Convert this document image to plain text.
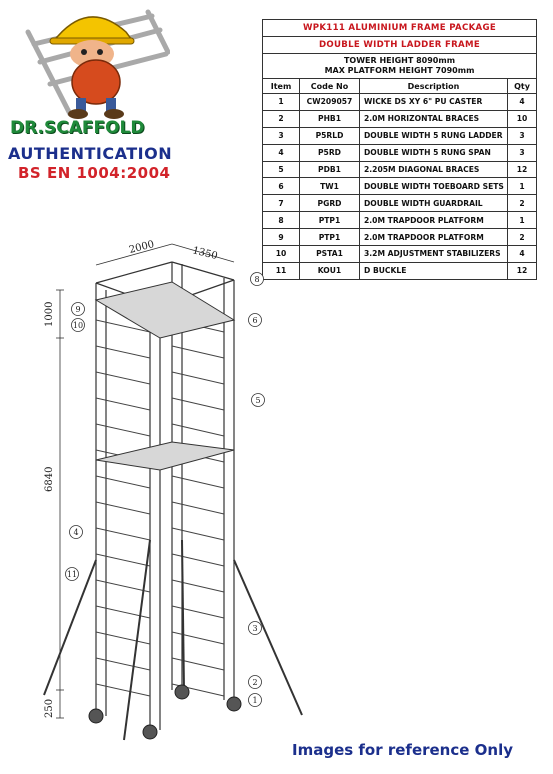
DR.SCAFFOLD
AUTHENTICATION
BS EN 1004:2004
WPK111 ALUMINIUM FRAME PACKAGE			
DOUBLE WIDTH LADDER FRAME			

TOWER HEIGHT 8090mm
MAX PLATFORM HEIGHT 7090mm			

Item	Code No	Description	Qty
1	CW209057	WICKE DS XY 6" PU CASTER	4
2	PHB1	2.0M HORIZONTAL BRACES	10
3	P5RLD	DOUBLE WIDTH 5 RUNG LADDER	3
4	P5RD	DOUBLE WIDTH 5 RUNG SPAN	3
5	PDB1	2.205M DIAGONAL BRACES	12
6	TW1	DOUBLE WIDTH TOEBOARD SETS	1
7	PGRD	DOUBLE WIDTH GUARDRAIL	2
8	PTP1	2.0M TRAPDOOR PLATFORM	1
9	PTP1	2.0M TRAPDOOR PLATFORM	2
10	PSTA1	3.2M ADJUSTMENT STABILIZERS	4
11	KOU1	D BUCKLE	12
2000	1350
1000
6840
250	1
2
3
4
5
6
8
9
10
11
Images for reference Only
